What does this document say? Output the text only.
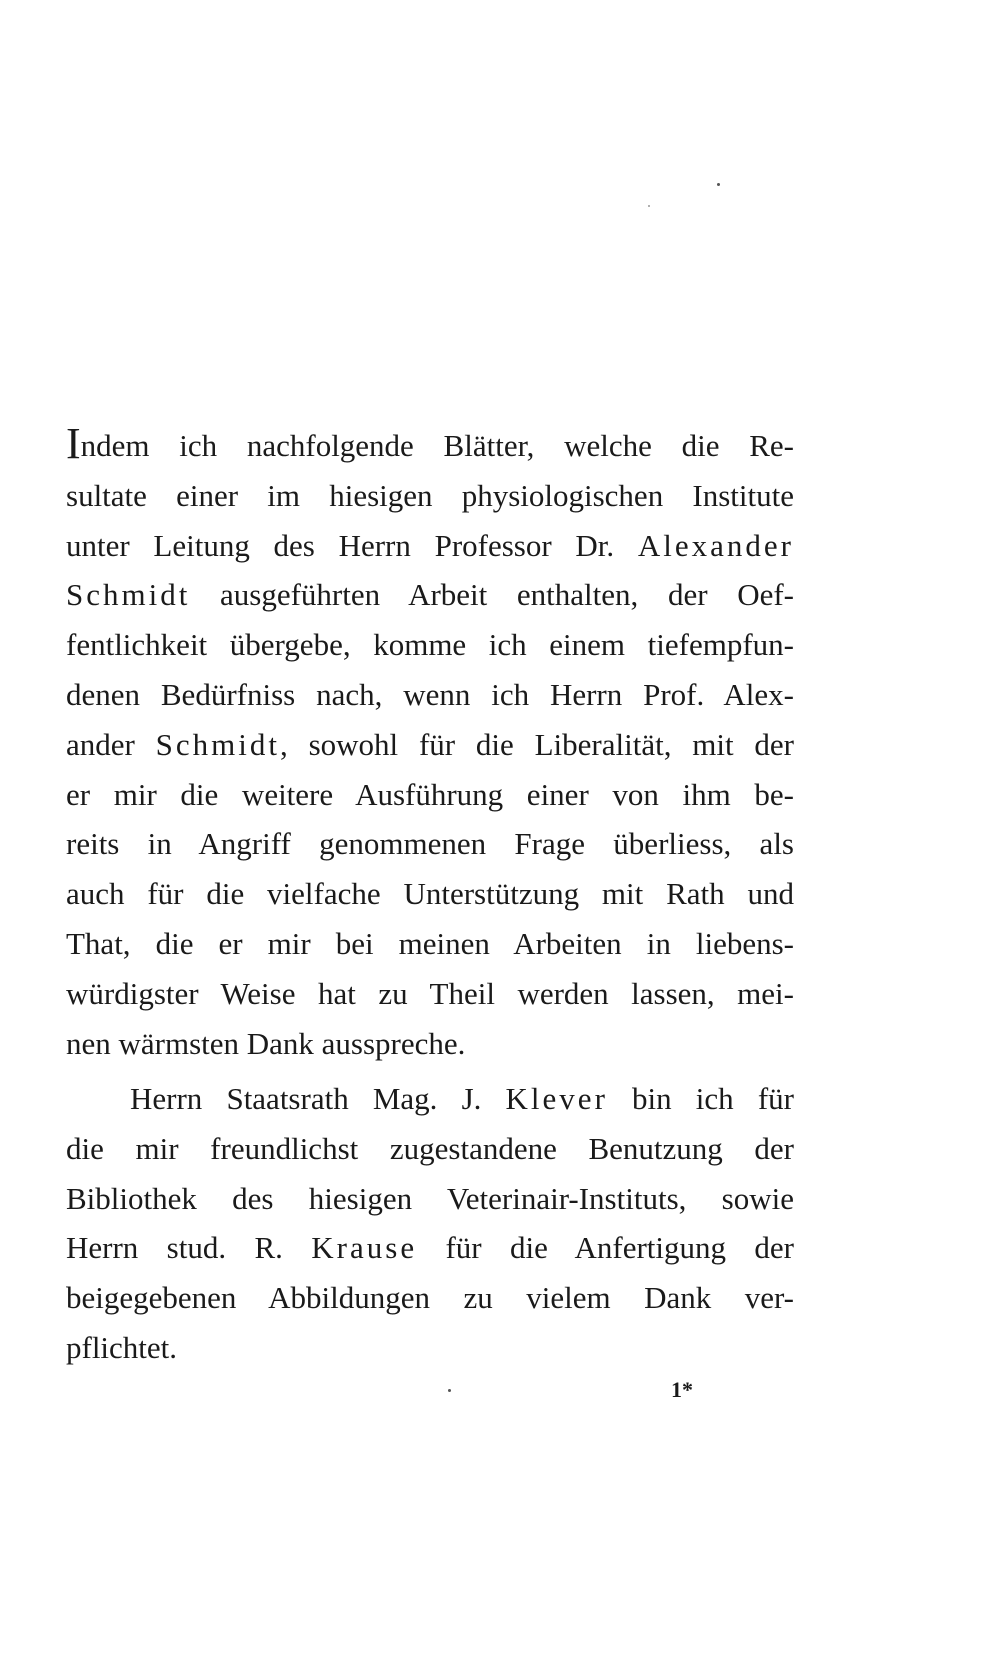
Indem ich nachfolgende Blätter, welche die Re-
sultate einer im hiesigen physiologischen Institute
unter Leitung des Herrn Professor Dr. Alexander
Schmidt ausgeführten Arbeit enthalten, der Oef-
fentlichkeit übergebe, komme ich einem tiefempfun-
denen Bedürfniss nach, wenn ich Herrn Prof. Alex-
ander Schmidt, sowohl für die Liberalität, mit der
er mir die weitere Ausführung einer von ihm be-
reits in Angriff genommenen Frage überliess, als
auch für die vielfache Unterstützung mit Rath und
That, die er mir bei meinen Arbeiten in liebens-
würdigster Weise hat zu Theil werden lassen, mei-
nen wärmsten Dank ausspreche.
Herrn Staatsrath Mag. J. Klever bin ich für
die mir freundlichst zugestandene Benutzung der
Bibliothek des hiesigen Veterinair-Instituts, sowie
Herrn stud. R. Krause für die Anfertigung der
beigegebenen Abbildungen zu vielem Dank ver-
pflichtet.
1*
